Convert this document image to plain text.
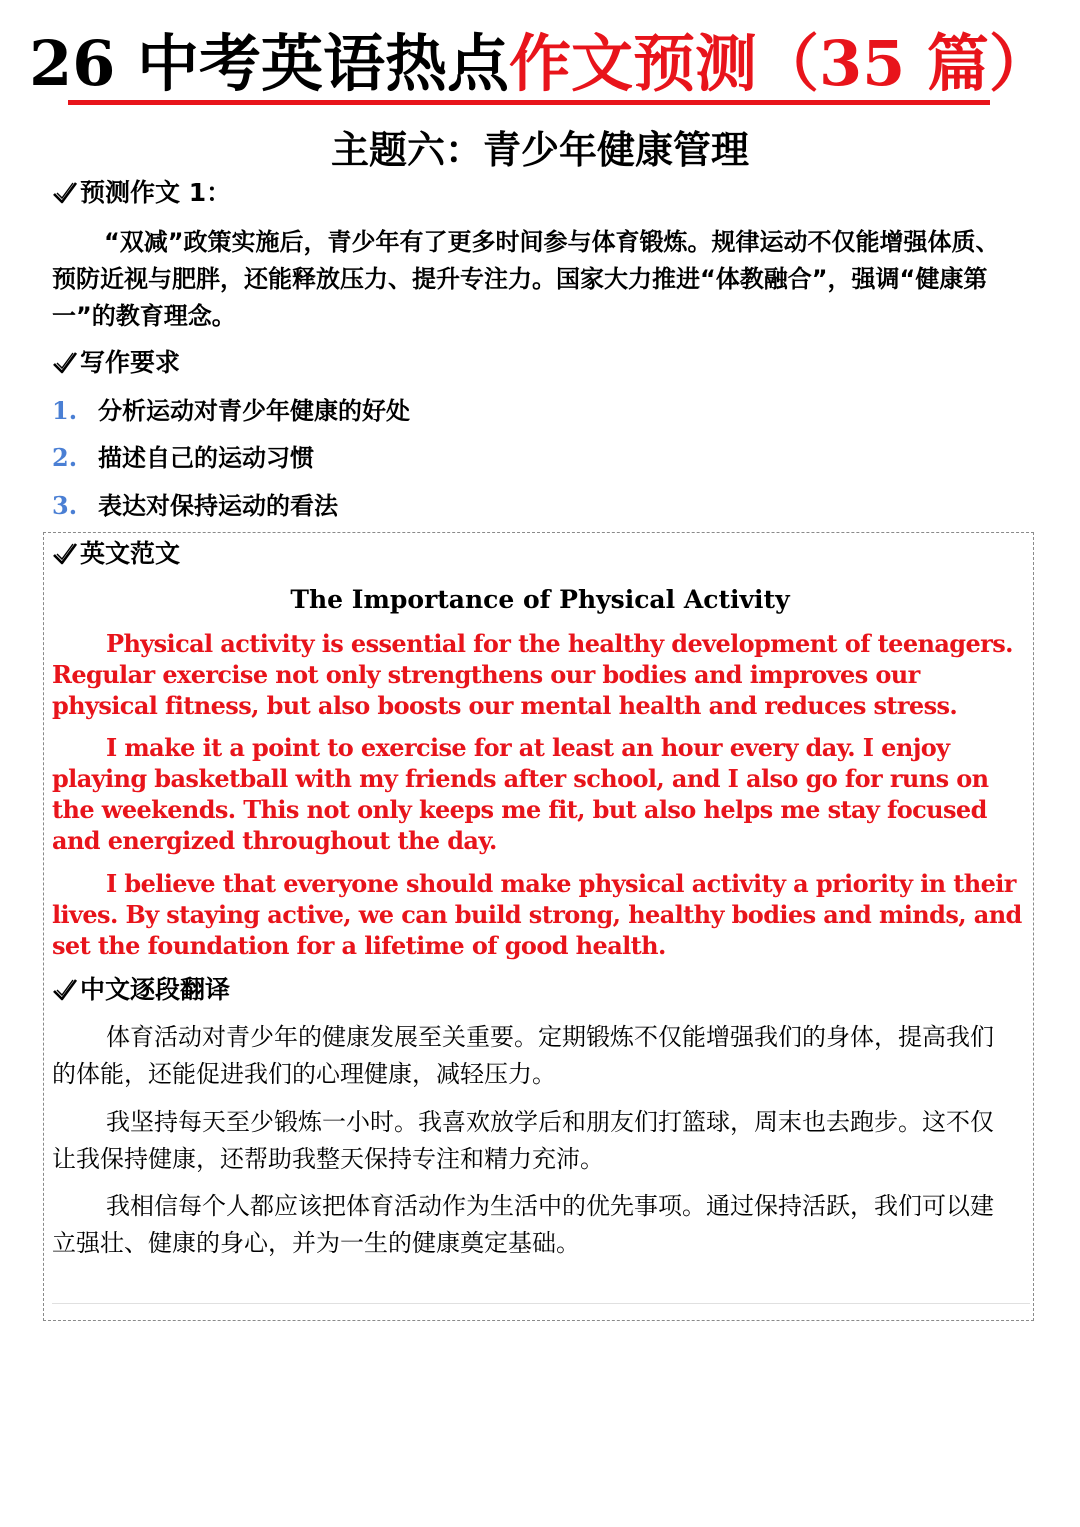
26 中考英语热点作文预测（35 篇）
主题六：青少年健康管理
预测作文 1：

“双减”政策实施后，青少年有了更多时间参与体育锻炼。规律运动不仅能增强体质、预防近视与肥胖，还能释放压力、提升专注力。国家大力推进“体教融合”，强调“健康第一”的教育理念。

写作要求
1. 分析运动对青少年健康的好处
2. 描述自己的运动习惯
3. 表达对保持运动的看法
英文范文
The Importance of Physical Activity

Physical activity is essential for the healthy development of teenagers. Regular exercise not only strengthens our bodies and improves our physical fitness, but also boosts our mental health and reduces stress.

I make it a point to exercise for at least an hour every day. I enjoy playing basketball with my friends after school, and I also go for runs on the weekends. This not only keeps me fit, but also helps me stay focused and energized throughout the day.

I believe that everyone should make physical activity a priority in their lives. By staying active, we can build strong, healthy bodies and minds, and set the foundation for a lifetime of good health.

中文逐段翻译

体育活动对青少年的健康发展至关重要。定期锻炼不仅能增强我们的身体，提高我们的体能，还能促进我们的心理健康，减轻压力。

我坚持每天至少锻炼一小时。我喜欢放学后和朋友们打篮球，周末也去跑步。这不仅让我保持健康，还帮助我整天保持专注和精力充沛。

我相信每个人都应该把体育活动作为生活中的优先事项。通过保持活跃，我们可以建立强壮、健康的身心，并为一生的健康奠定基础。
